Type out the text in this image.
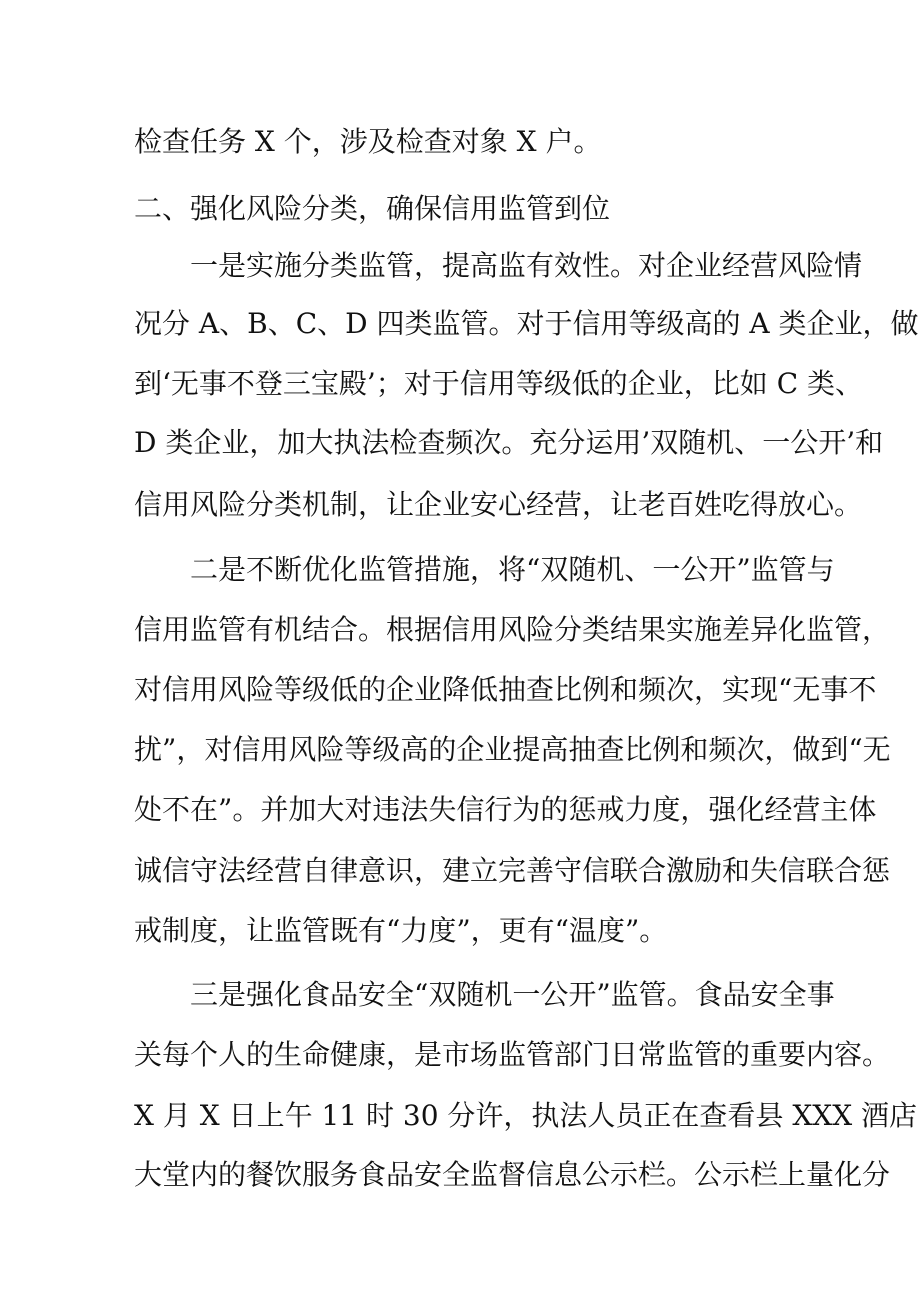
检查任务 X 个，涉及检查对象 X 户。
二、强化风险分类，确保信用监管到位
一是实施分类监管，提高监有效性。对企业经营风险情
况分 A、B、C、D 四类监管。对于信用等级高的 A 类企业，做
到‘无事不登三宝殿’；对于信用等级低的企业，比如 C 类、
D 类企业，加大执法检查频次。充分运用’双随机、一公开’和
信用风险分类机制，让企业安心经营，让老百姓吃得放心。
二是不断优化监管措施，将“双随机、一公开”监管与
信用监管有机结合。根据信用风险分类结果实施差异化监管，
对信用风险等级低的企业降低抽查比例和频次，实现“无事不
扰”，对信用风险等级高的企业提高抽查比例和频次，做到“无
处不在”。并加大对违法失信行为的惩戒力度，强化经营主体
诚信守法经营自律意识，建立完善守信联合激励和失信联合惩
戒制度，让监管既有“力度”，更有“温度”。
三是强化食品安全“双随机一公开”监管。食品安全事
关每个人的生命健康，是市场监管部门日常监管的重要内容。
X 月 X 日上午 11 时 30 分许，执法人员正在查看县 XXX 酒店
大堂内的餐饮服务食品安全监督信息公示栏。公示栏上量化分
